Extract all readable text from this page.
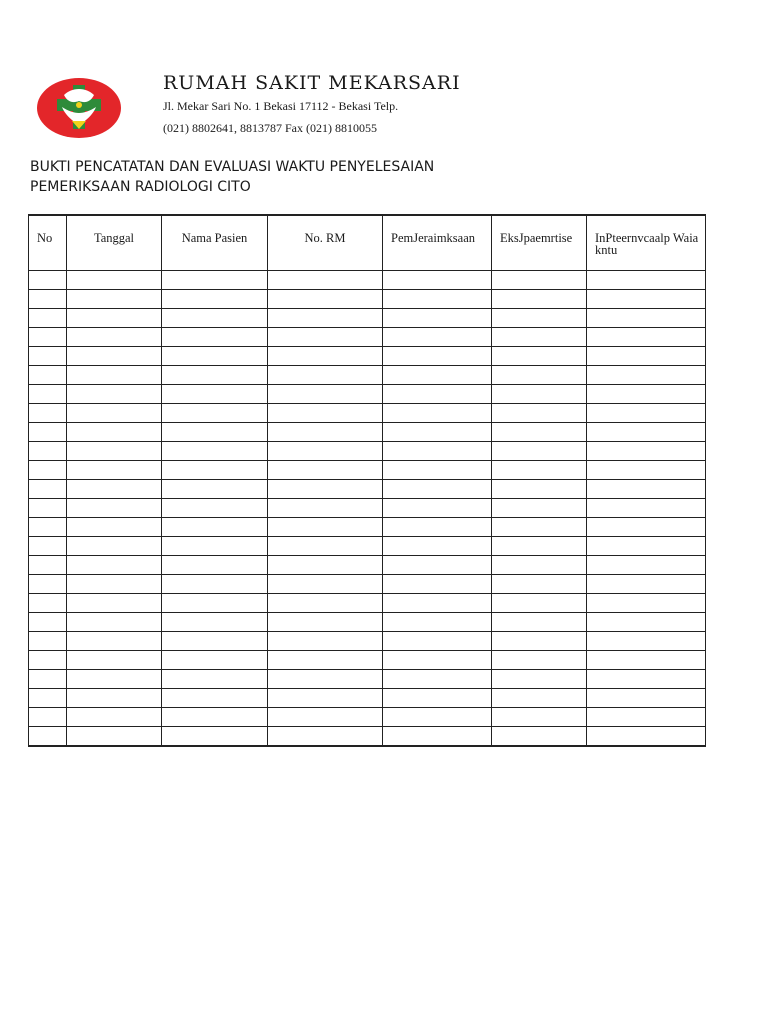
RUMAH SAKIT MEKARSARI
Jl. Mekar Sari No. 1 Bekasi 17112 - Bekasi Telp.
(021) 8802641, 8813787 Fax (021) 8810055
BUKTI PENCATATAN DAN EVALUASI WAKTU PENYELESAIAN
PEMERIKSAAN RADIOLOGI CITO
No	Tanggal	Nama Pasien	No. RM	PemJeraimksaan	EksJpaemrtise	InPteernvcaalp Waiakntu
